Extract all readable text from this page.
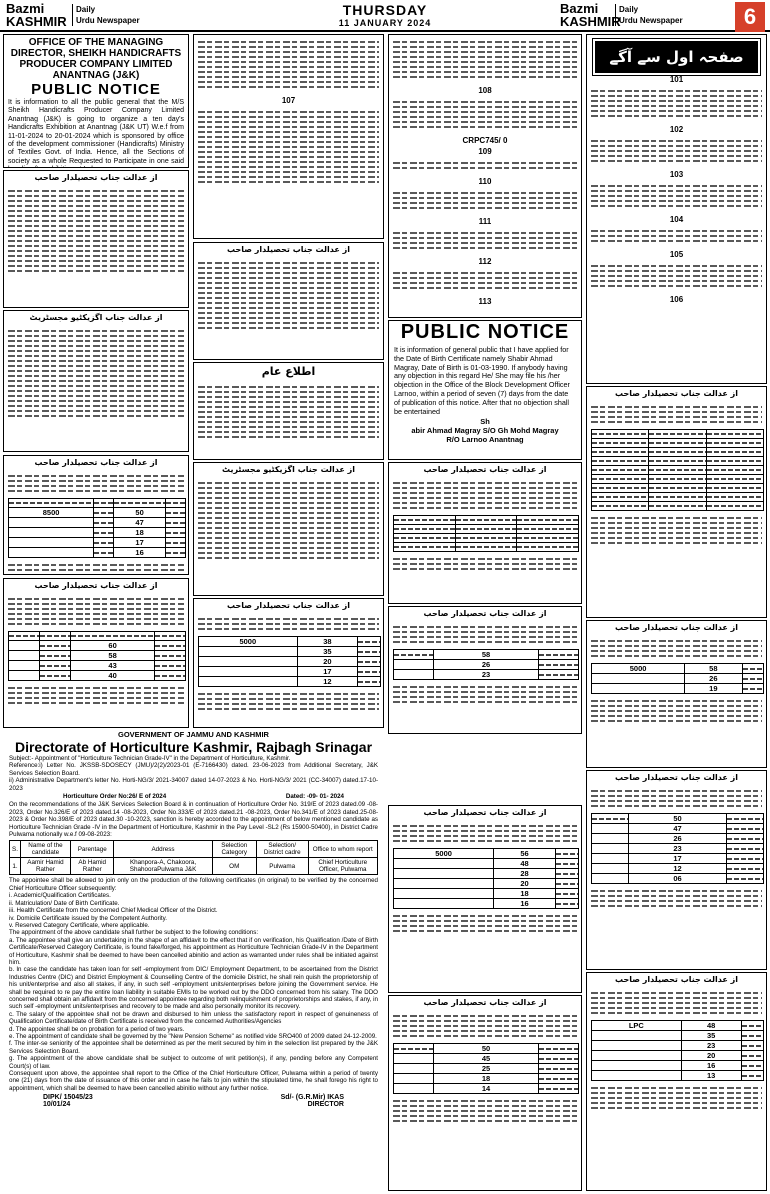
Bazmi
KASHMIR
Daily
Urdu Newspaper
THURSDAY
11 JANUARY 2024
Bazmi
KASHMIR
Daily
Urdu Newspaper	6
OFFICE OF THE MANAGING DIRECTOR, SHEIKH HANDICRAFTS PRODUCER COMPANY LIMITED ANANTNAG (J&K)
PUBLIC NOTICE
It is information to all the public general that the M/S Sheikh Handicrafts Producer Company Limited Anantnag (J&K) is going to organize a ten day's Handicrafts Exhibition at Anantnag (J&K UT) W.e.f from 11-01-2024 to 20-01-2024 which is sponsored by office of the development commissioner (Handicrafts) Ministry of Textiles Govt. of India. Hence, all the Sections of society as a whole Requested to Participate in one said
از عدالت جناب تحصیلدار صاحب
از عدالت جناب اگزیکٹیو مجسٹریٹ
از عدالت جناب تحصیلدار صاحب

8500		50	
		47	
		18	
		17	
		16	
از عدالت جناب تحصیلدار صاحب

		60	
		58	
		43	
		40	
107
از عدالت جناب تحصیلدار صاحب
اطلاع عام
از عدالت جناب اگزیکٹیو مجسٹریٹ
از عدالت جناب تحصیلدار صاحب
5000	38	
	35	
	20	
	17	
	12	
108
CRPC745/ 0
109
110
111
112
113
PUBLIC NOTICE
It is information of general public that I have applied for the Date of Birth Certificate namely Shabir Ahmad Magray, Date of Birth is 01-03-1990. If anybody having any objection in this regard He/ She may file his /her objection in the Office of the Block Development Officer Larnoo, within a period of seven (7) days from the date of publication of this notice. After that no objection shall be entertained
Sh
abir Ahmad Magray S/O Gh Mohd Magray
R/O Larnoo Anantnag
از عدالت جناب تحصیلدار صاحب

از عدالت جناب تحصیلدار صاحب
	58	
	26	
	23	
از عدالت جناب تحصیلدار صاحب
5000	56	
	48	
	28	
	20	
	18	
	16	
از عدالت جناب تحصیلدار صاحب
	50	
	45	
	25	
	18	
	14	
GOVERNMENT OF JAMMU AND KASHMIR
Directorate of Horticulture Kashmir, Rajbagh Srinagar
Subject:- Appointment of "Horticulture Technician Grade-IV" in the Department of Horticulture, Kashmir.
Reference:i) Letter No. JKSSB-SDOSECY (JMU)/2(2)/2023-01 (E-7166430) dated. 23-06-2023 from Additional Secretary, J&K Services Selection Board.
ii) Administrative Department's letter No. Horti-NG/3/ 2021-34007 dated 14-07-2023 & No. Horti-NG/3/ 2021 (CC-34007) dated.17-10-2023
Horticulture Order No:26/ E of 2024	Dated: -09- 01- 2024
On the recommendations of the J&K Services Selection Board & in continuation of Horticulture Order No. 319/E of 2023 dated.09 -08-2023, Order No.326/E of 2023 dated.14 -08-2023, Order No.333/E of 2023 dated.21 -08-2023, Order No.341/E of 2023 dated.25-08-2023 & Order No.398/E of 2023 dated.30 -10-2023, sanction is hereby accorded to the appointment of below mentioned candidate as Horticulture Technician Grade -IV in the Department of Horticulture, Kashmir in the Pay Level -SL2 (Rs 15900-50400), in District Cadre Pulwama notionally w.e.f 09-08-2023:
S.	Name of the candidate	Parentage	Address	Selection Category	Selection/ District cadre	Office to whom report
1.	Aamir Hamid Rather	Ab Hamid Rather	Khanpora-A, Chakoora, ShahooraPulwama J&K	OM	Pulwama	Chief Horticulture Officer, Pulwama
The appointee shall be allowed to join only on the production of the following certificates (in original) to be verified by the concerned Chief Horticulture Officer subsequently:
i. Academic/Qualification Certificates.
ii. Matriculation/ Date of Birth Certificate.
iii. Health Certificate from the concerned Chief Medical Officer of the District.
iv. Domicile Certificate issued by the Competent Authority.
v. Reserved Category Certificate, where applicable.
The appointment of the above candidate shall further be subject to the following conditions:
a. The appointee shall give an undertaking in the shape of an affidavit to the effect that if on verification, his Qualification /Date of Birth Certificate/Reserved Category Certificate, is found fake/forged, his appointment as Horticulture Technician Grade-IV in the Department of Horticulture, Kashmir shall be deemed to have been cancelled abinitio and action as warranted under rules shall be initiated against him.
b. In case the candidate has taken loan for self -employment from DIC/ Employment Department, to be ascertained from the District Industries Centre (DIC) and District Employment & Counselling Centre of the domicile District, he shall rein quish the proprietorship of his unit/enterprise and also all stakes, if any, in such self -employment units/enterprises before joining the Government service. He shall be required to re pay the entire loan liability in suitable EMIs to be worked out by the DDO concerned from his salary. The DDO concerned shall obtain an affidavit from the concerned appointee regarding both relinquishment of proprietorships and stakes, if any, in such self -employment units/enterprises and recovery to be made and also personally monitor its recovery.
c. The salary of the appointee shall not be drawn and disbursed to him unless the satisfactory report in respect of genuineness of Qualification Certificate/date of Birth Certificate is received from the concerned Authorities/Agencies
d. The appointee shall be on probation for a period of two years.
e. The appointment of candidate shall be governed by the "New Pension Scheme" as notified vide SRO400 of 2009 dated 24-12-2009.
f. The inter-se seniority of the appointee shall be determined as per the merit secured by him in the selection list prepared by the J&K Services Selection Board.
g. The appointment of the above candidate shall be subject to outcome of writ petition(s), if any, pending before any Competent Court(s) of law.
Consequent upon above, the appointee shall report to the Office of the Chief Horticulture Officer, Pulwama within a period of twenty one (21) days from the date of issuance of this order and in case he fails to join within the stipulated time, he shall forego his right to appointment, which shall be deemed to have been cancelled abinitio without any further notice.
DIPK/ 15045/23	Sd/- (G.R.Mir) IKAS
10/01/24	DIRECTOR
صفحہ اول سے آگے
101
102
103
104
105
106
از عدالت جناب تحصیلدار صاحب

از عدالت جناب تحصیلدار صاحب
5000	58	
	26	
	19	
از عدالت جناب تحصیلدار صاحب
	50	
	47	
	26	
	23	
	17	
	12	
	06	
از عدالت جناب تحصیلدار صاحب
LPC	48	
	35	
	23	
	20	
	16	
	13	
